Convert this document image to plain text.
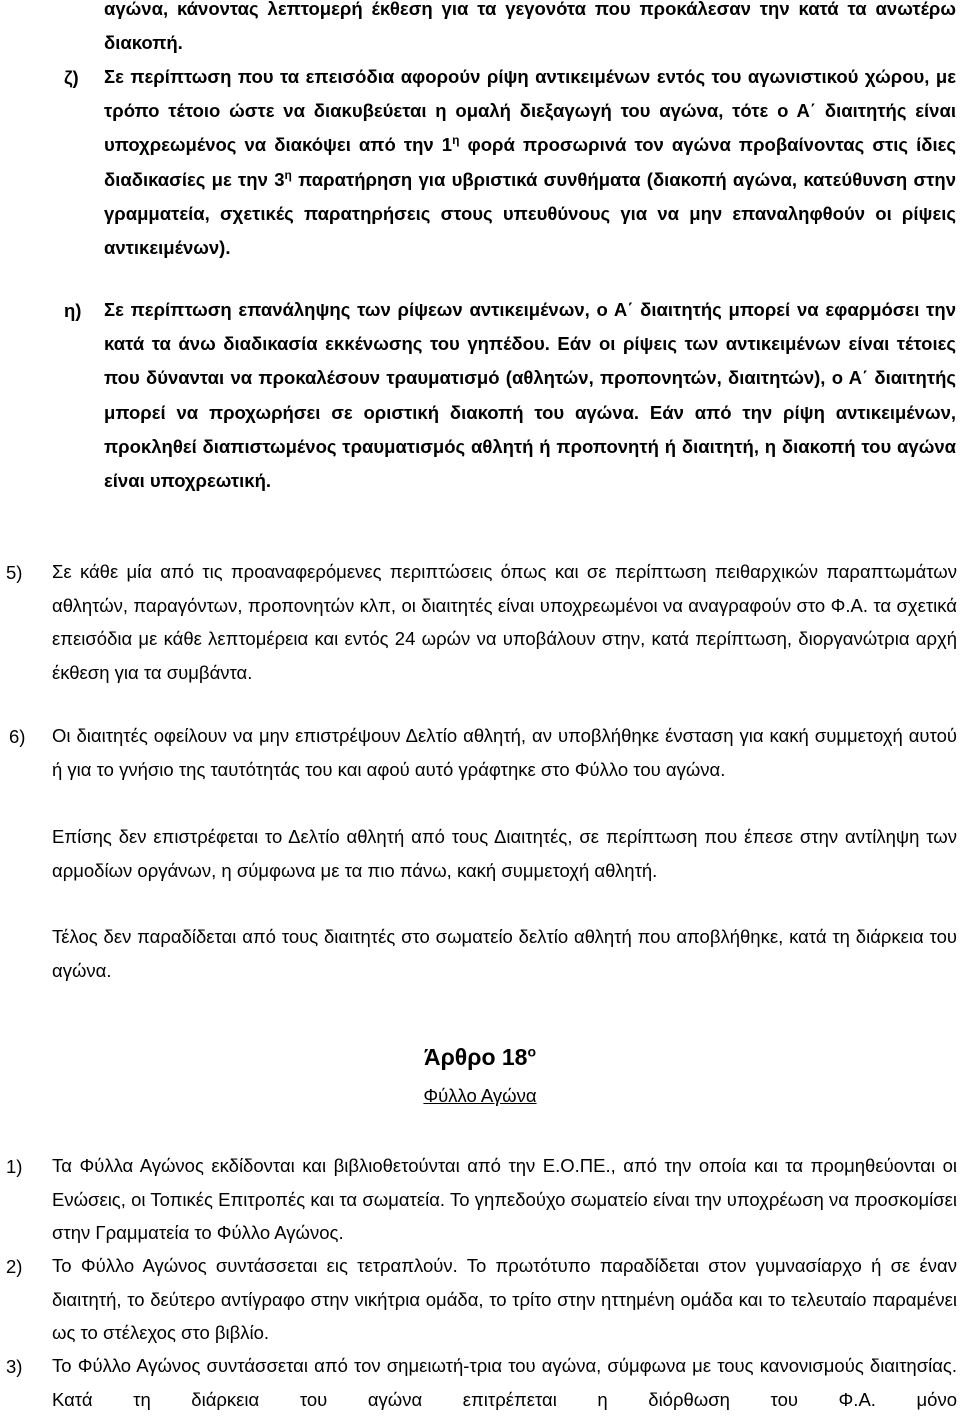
αγώνα, κάνοντας λεπτομερή έκθεση για τα γεγονότα που προκάλεσαν την κατά τα ανωτέρω διακοπή.
ζ) Σε περίπτωση που τα επεισόδια αφορούν ρίψη αντικειμένων εντός του αγωνιστικού χώρου, με τρόπο τέτοιο ώστε να διακυβεύεται η ομαλή διεξαγωγή του αγώνα, τότε ο Α΄ διαιτητής είναι υποχρεωμένος να διακόψει από την $1^\eta$ φορά προσωρινά τον αγώνα προβαίνοντας στις ίδιες διαδικασίες με την $3^\eta$ παρατήρηση για υβριστικά συνθήματα (διακοπή αγώνα, κατεύθυνση στην γραμματεία, σχετικές παρατηρήσεις στους υπευθύνους για να μην επαναληφθούν οι ρίψεις αντικειμένων).
η) Σε περίπτωση επανάληψης των ρίψεων αντικειμένων, ο Α΄ διαιτητής μπορεί να εφαρμόσει την κατά τα άνω διαδικασία εκκένωσης του γηπέδου. Εάν οι ρίψεις των αντικειμένων είναι τέτοιες που δύνανται να προκαλέσουν τραυματισμό (αθλητών, προπονητών, διαιτητών), ο Α΄ διαιτητής μπορεί να προχωρήσει σε οριστική διακοπή του αγώνα. Εάν από την ρίψη αντικειμένων, προκληθεί διαπιστωμένος τραυματισμός αθλητή ή προπονητή ή διαιτητή, η διακοπή του αγώνα είναι υποχρεωτική.
5) Σε κάθε μία από τις προαναφερόμενες περιπτώσεις όπως και σε περίπτωση πειθαρχικών παραπτωμάτων αθλητών, παραγόντων, προπονητών κλπ, οι διαιτητές είναι υποχρεωμένοι να αναγραφούν στο Φ.Α. τα σχετικά επεισόδια με κάθε λεπτομέρεια και εντός 24 ωρών να υποβάλουν στην, κατά περίπτωση, διοργανώτρια αρχή έκθεση για τα συμβάντα.
6) Οι διαιτητές οφείλουν να μην επιστρέψουν Δελτίο αθλητή, αν υποβλήθηκε ένσταση για κακή συμμετοχή αυτού ή για το γνήσιο της ταυτότητάς του και αφού αυτό γράφτηκε στο Φύλλο του αγώνα.
Επίσης δεν επιστρέφεται το Δελτίο αθλητή από τους Διαιτητές, σε περίπτωση που έπεσε στην αντίληψη των αρμοδίων οργάνων, η σύμφωνα με τα πιο πάνω, κακή συμμετοχή αθλητή.
Τέλος δεν παραδίδεται από τους διαιτητές στο σωματείο δελτίο αθλητή που αποβλήθηκε, κατά τη διάρκεια του αγώνα.
Άρθρο $18^o$
Φύλλο Αγώνα
1) Τα Φύλλα Αγώνος εκδίδονται και βιβλιοθετούνται από την Ε.Ο.ΠΕ., από την οποία και τα προμηθεύονται οι Ενώσεις, οι Τοπικές Επιτροπές και τα σωματεία. Το γηπεδούχο σωματείο είναι την υποχρέωση να προσκομίσει στην Γραμματεία το Φύλλο Αγώνος.
2) Το Φύλλο Αγώνος συντάσσεται εις τετραπλούν. Το πρωτότυπο παραδίδεται στον γυμνασίαρχο ή σε έναν διαιτητή, το δεύτερο αντίγραφο στην νικήτρια ομάδα, το τρίτο στην ηττημένη ομάδα και το τελευταίο παραμένει ως το στέλεχος στο βιβλίο.
3) Το Φύλλο Αγώνος συντάσσεται από τον σημειωτή-τρια του αγώνα, σύμφωνα με τους κανονισμούς διαιτησίας. Κατά τη διάρκεια του αγώνα επιτρέπεται η διόρθωση του Φ.Α. μόνο
